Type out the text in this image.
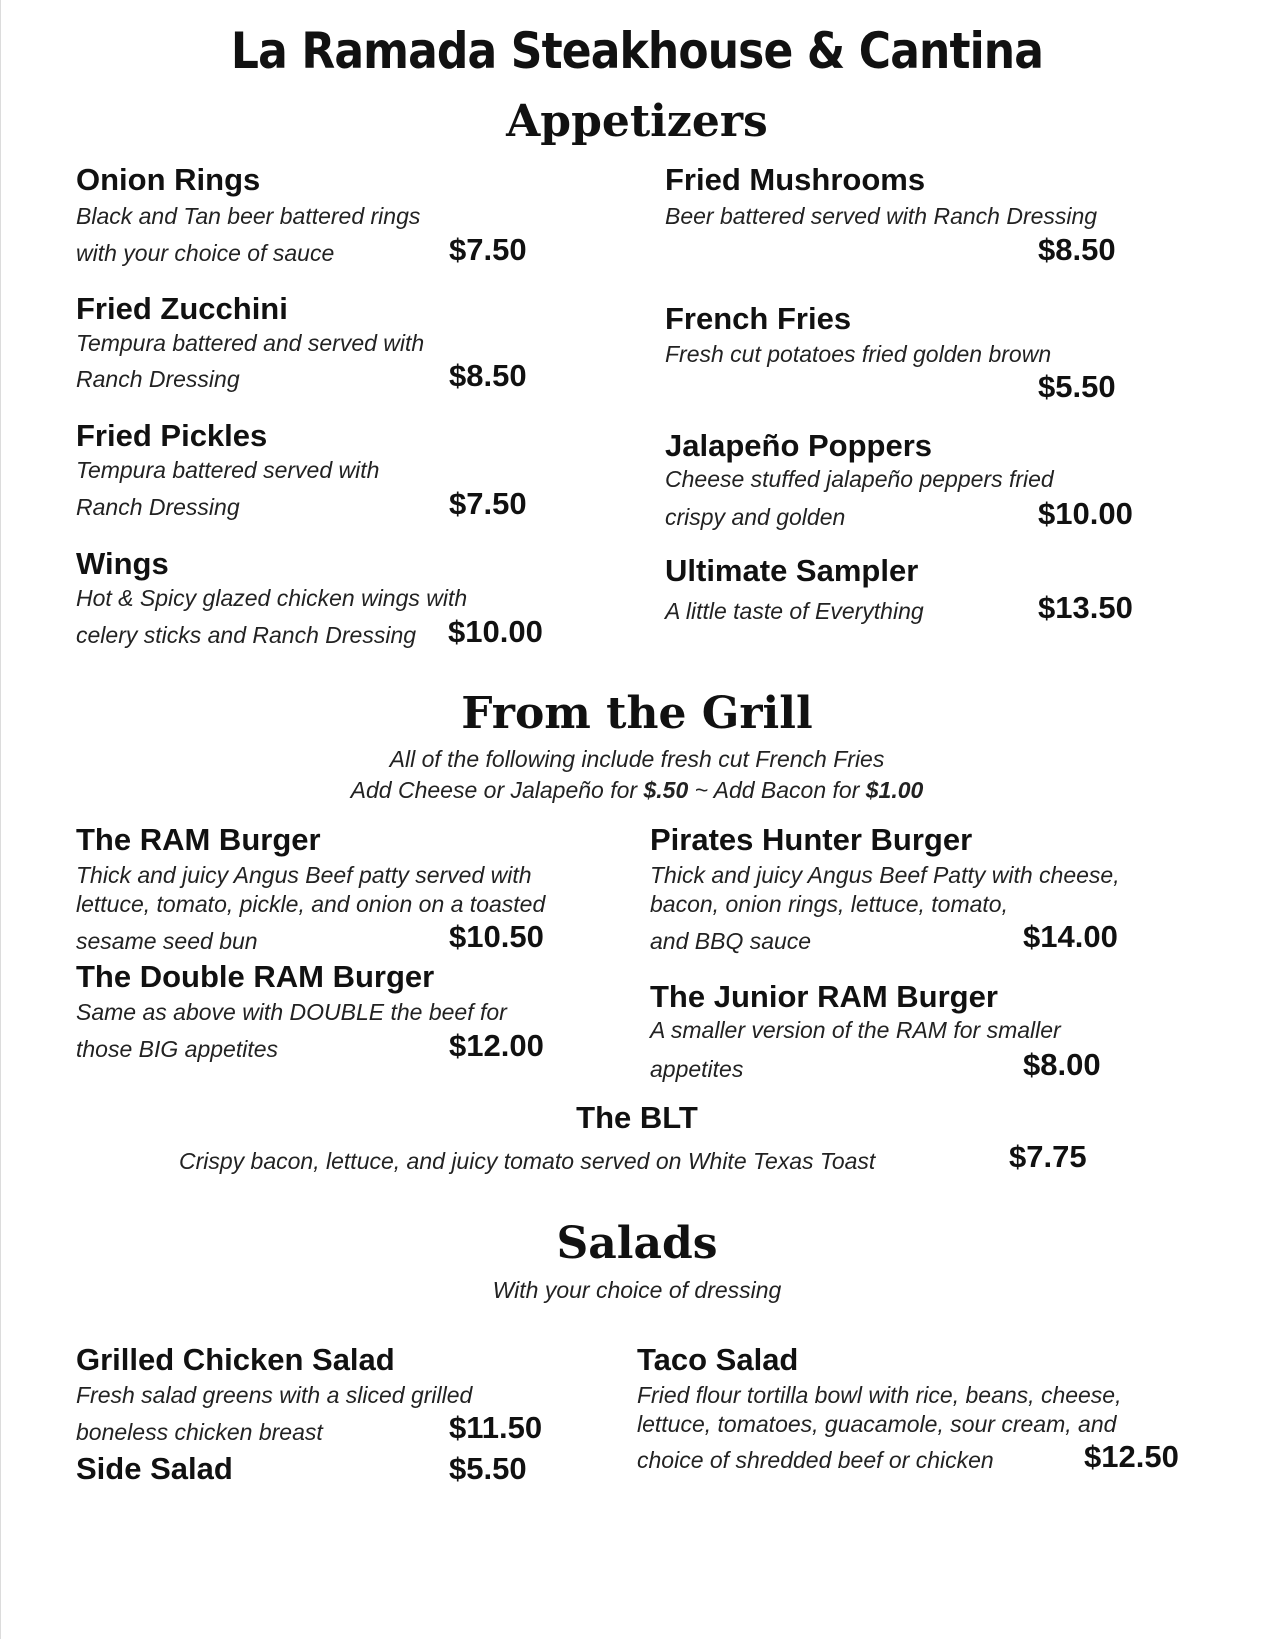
La Ramada Steakhouse & Cantina
Appetizers
Onion Rings
Black and Tan beer battered rings
with your choice of sauce	$7.50
Fried Zucchini
Tempura battered and served with
Ranch Dressing	$8.50
Fried Pickles
Tempura battered served with
Ranch Dressing	$7.50
Wings
Hot & Spicy glazed chicken wings with
celery sticks and Ranch Dressing $10.00
Fried Mushrooms
Beer battered served with Ranch Dressing
$8.50
French Fries
Fresh cut potatoes fried golden brown
$5.50
Jalapeño Poppers
Cheese stuffed jalapeño peppers fried
crispy and golden	$10.00
Ultimate Sampler
A little taste of Everything	$13.50
From the Grill
All of the following include fresh cut French Fries
Add Cheese or Jalapeño for $.50 ~ Add Bacon for $1.00
The RAM Burger
Thick and juicy Angus Beef patty served with
lettuce, tomato, pickle, and onion on a toasted
sesame seed bun	$10.50
The Double RAM Burger
Same as above with DOUBLE the beef for
those BIG appetites	$12.00
Pirates Hunter Burger
Thick and juicy Angus Beef Patty with cheese,
bacon, onion rings, lettuce, tomato,
and BBQ sauce	$14.00
The Junior RAM Burger
A smaller version of the RAM for smaller
appetites	$8.00
The BLT
Crispy bacon, lettuce, and juicy tomato served on White Texas Toast	$7.75
Salads
With your choice of dressing
Grilled Chicken Salad
Fresh salad greens with a sliced grilled
boneless chicken breast	$11.50
Side Salad	$5.50
Taco Salad
Fried flour tortilla bowl with rice, beans, cheese,
lettuce, tomatoes, guacamole, sour cream, and
choice of shredded beef or chicken	$12.50
